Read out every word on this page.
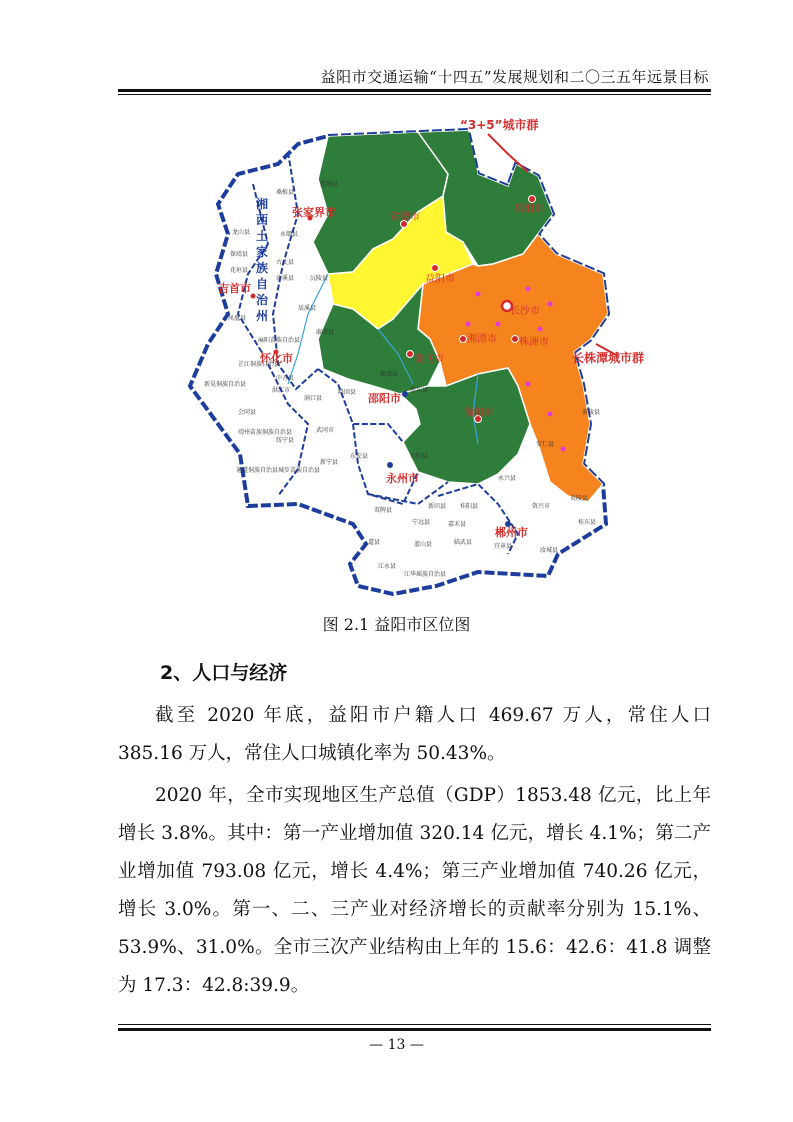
益阳市交通运输“十四五”发展规划和二〇三五年远景目标
“3+5”城市群
长株潭城市群
常德市
岳阳市
益阳市
长沙市
湘潭市 株洲市
娄底市
衡阳市
张家界市
吉首市
怀化市
邵阳市
永州市
郴州市
湘
西
土
家
族
自
治
州
龙山县
桑植县
慈利县
永顺县
保靖县
古丈县
花垣县
泸溪县	沅陵县
辰溪县
凤凰县
麻阳苗族自治县
溆浦县
芷江侗族自治县
新晃侗族自治县
中方县
洪江市
会同县
靖州苗族侗族自治县
通道侗族自治县
绥宁县
城步苗族自治县
洞口县
隆回县
新邵县
武冈市
新宁县
邵东县
东安县	祁阳县
双牌县
宁远县
道县	蓝山县
江华瑶族自治县
江永县
新田县
嘉禾县
临武县
宜章县
桂阳县
永兴县
安仁县
茶陵县
资兴市
汝城县
炎陵县
桂东县
图 2.1 益阳市区位图
2、人口与经济

截至 2020 年底，益阳市户籍人口 469.67 万人，常住人口 385.16 万人，常住人口城镇化率为 50.43%。

2020 年，全市实现地区生产总值（GDP）1853.48 亿元，比上年增长 3.8%。其中：第一产业增加值 320.14 亿元，增长 4.1%；第二产业增加值 793.08 亿元，增长 4.4%；第三产业增加值 740.26 亿元，增长 3.0%。第一、二、三产业对经济增长的贡献率分别为 15.1%、53.9%、31.0%。全市三次产业结构由上年的 15.6：42.6：41.8 调整为 17.3：42.8:39.9。

— 13 —
